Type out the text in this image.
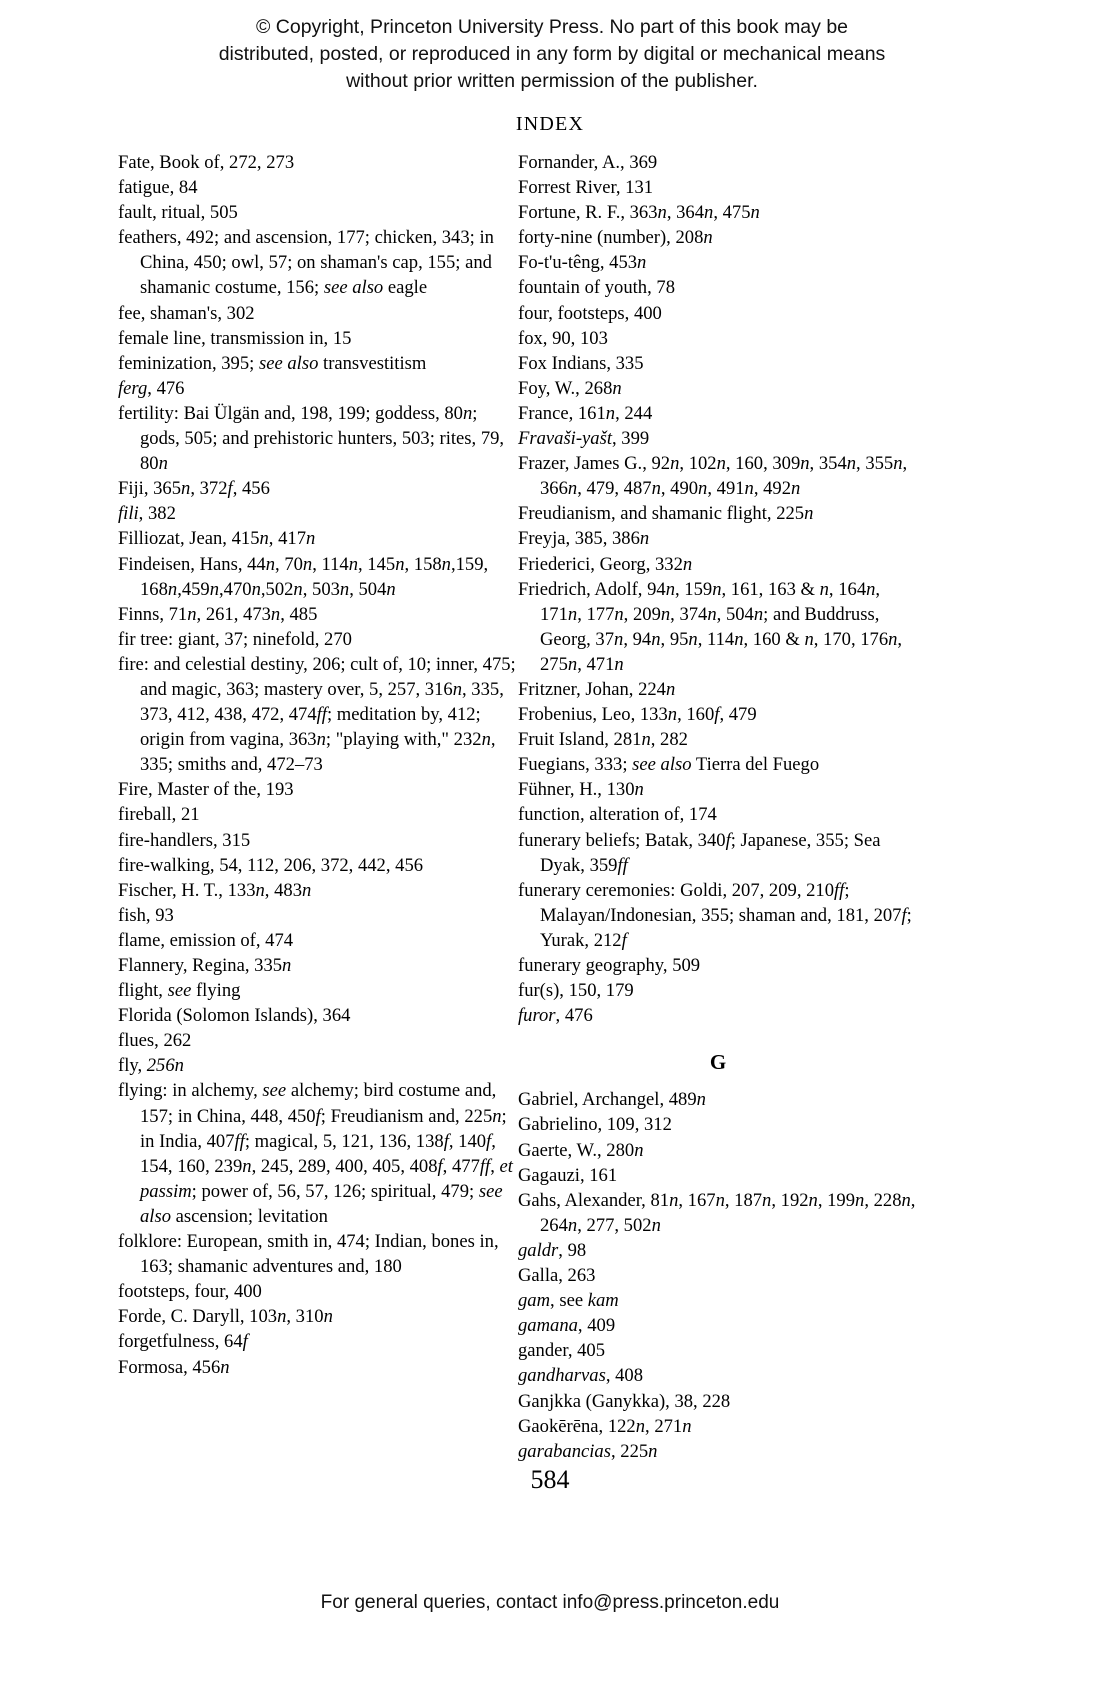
© Copyright, Princeton University Press. No part of this book may be distributed, posted, or reproduced in any form by digital or mechanical means without prior written permission of the publisher.
INDEX
Fate, Book of, 272, 273
fatigue, 84
fault, ritual, 505
feathers, 492; and ascension, 177; chicken, 343; in China, 450; owl, 57; on shaman's cap, 155; and shamanic costume, 156; see also eagle
fee, shaman's, 302
female line, transmission in, 15
feminization, 395; see also transvestitism
ferg, 476
fertility: Bai Ülgän and, 198, 199; goddess, 80n; gods, 505; and prehistoric hunters, 503; rites, 79, 80n
Fiji, 365n, 372f, 456
fili, 382
Filliozat, Jean, 415n, 417n
Findeisen, Hans, 44n, 70n, 114n, 145n, 158n,159, 168n,459n,470n,502n, 503n, 504n
Finns, 71n, 261, 473n, 485
fir tree: giant, 37; ninefold, 270
fire: and celestial destiny, 206; cult of, 10; inner, 475; and magic, 363; mastery over, 5, 257, 316n, 335, 373, 412, 438, 472, 474ff; meditation by, 412; origin from vagina, 363n; "playing with," 232n, 335; smiths and, 472–73
Fire, Master of the, 193
fireball, 21
fire-handlers, 315
fire-walking, 54, 112, 206, 372, 442, 456
Fischer, H. T., 133n, 483n
fish, 93
flame, emission of, 474
Flannery, Regina, 335n
flight, see flying
Florida (Solomon Islands), 364
flues, 262
fly, 256n
flying: in alchemy, see alchemy; bird costume and, 157; in China, 448, 450f; Freudianism and, 225n; in India, 407ff; magical, 5, 121, 136, 138f, 140f, 154, 160, 239n, 245, 289, 400, 405, 408f, 477ff, et passim; power of, 56, 57, 126; spiritual, 479; see also ascension; levitation
folklore: European, smith in, 474; Indian, bones in, 163; shamanic adventures and, 180
footsteps, four, 400
Forde, C. Daryll, 103n, 310n
forgetfulness, 64f
Formosa, 456n
Fornander, A., 369
Forrest River, 131
Fortune, R. F., 363n, 364n, 475n
forty-nine (number), 208n
Fo-t'u-têng, 453n
fountain of youth, 78
four, footsteps, 400
fox, 90, 103
Fox Indians, 335
Foy, W., 268n
France, 161n, 244
Fravaši-yašt, 399
Frazer, James G., 92n, 102n, 160, 309n, 354n, 355n, 366n, 479, 487n, 490n, 491n, 492n
Freudianism, and shamanic flight, 225n
Freyja, 385, 386n
Friederici, Georg, 332n
Friedrich, Adolf, 94n, 159n, 161, 163 & n, 164n, 171n, 177n, 209n, 374n, 504n; and Buddruss, Georg, 37n, 94n, 95n, 114n, 160 & n, 170, 176n, 275n, 471n
Fritzner, Johan, 224n
Frobenius, Leo, 133n, 160f, 479
Fruit Island, 281n, 282
Fuegians, 333; see also Tierra del Fuego
Fühner, H., 130n
function, alteration of, 174
funerary beliefs; Batak, 340f; Japanese, 355; Sea Dyak, 359ff
funerary ceremonies: Goldi, 207, 209, 210ff; Malayan/Indonesian, 355; shaman and, 181, 207f; Yurak, 212f
funerary geography, 509
fur(s), 150, 179
furor, 476
G
Gabriel, Archangel, 489n
Gabrielino, 109, 312
Gaerte, W., 280n
Gagauzi, 161
Gahs, Alexander, 81n, 167n, 187n, 192n, 199n, 228n, 264n, 277, 502n
galdr, 98
Galla, 263
gam, see kam
gamana, 409
gander, 405
gandharvas, 408
Ganjkka (Ganykka), 38, 228
Gaokērēna, 122n, 271n
garabancias, 225n
584
For general queries, contact info@press.princeton.edu
